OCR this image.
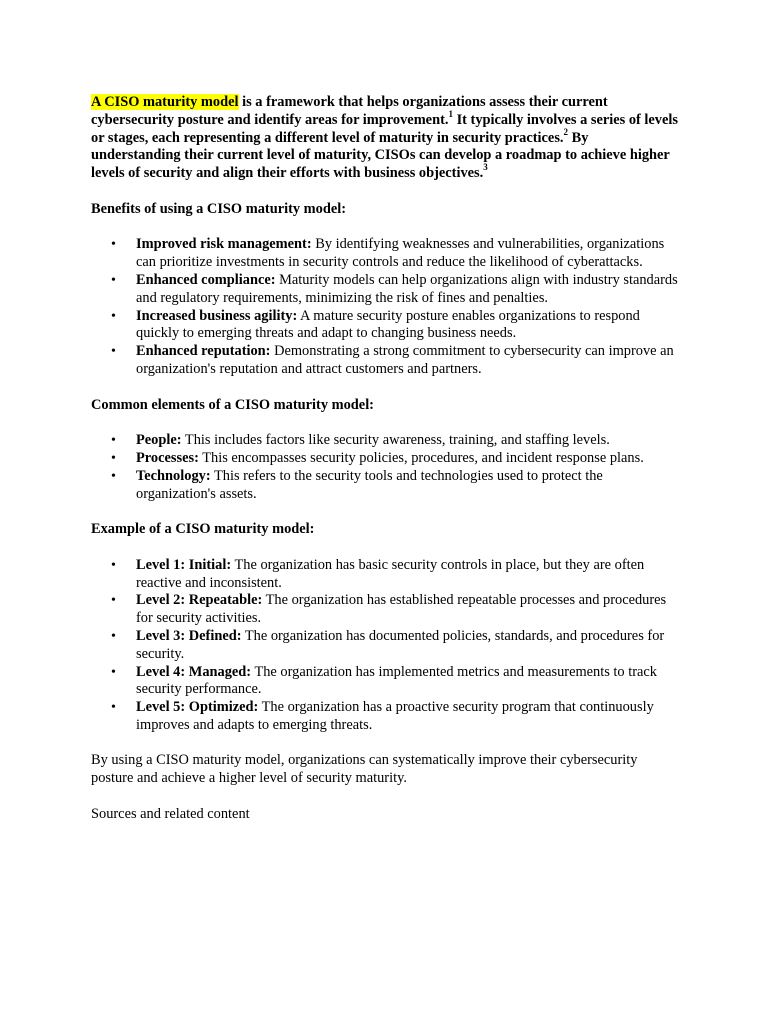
A CISO maturity model is a framework that helps organizations assess their current cybersecurity posture and identify areas for improvement.$^1$ It typically involves a series of levels or stages, each representing a different level of maturity in security practices.$^2$ By understanding their current level of maturity, CISOs can develop a roadmap to achieve higher levels of security and align their efforts with business objectives.$^3$

Benefits of using a CISO maturity model:

• Improved risk management: By identifying weaknesses and vulnerabilities, organizations can prioritize investments in security controls and reduce the likelihood of cyberattacks.
• Enhanced compliance: Maturity models can help organizations align with industry standards and regulatory requirements, minimizing the risk of fines and penalties.
• Increased business agility: A mature security posture enables organizations to respond quickly to emerging threats and adapt to changing business needs.
• Enhanced reputation: Demonstrating a strong commitment to cybersecurity can improve an organization's reputation and attract customers and partners.

Common elements of a CISO maturity model:

• People: This includes factors like security awareness, training, and staffing levels.
• Processes: This encompasses security policies, procedures, and incident response plans.
• Technology: This refers to the security tools and technologies used to protect the organization's assets.

Example of a CISO maturity model:

• Level 1: Initial: The organization has basic security controls in place, but they are often reactive and inconsistent.
• Level 2: Repeatable: The organization has established repeatable processes and procedures for security activities.
• Level 3: Defined: The organization has documented policies, standards, and procedures for security.
• Level 4: Managed: The organization has implemented metrics and measurements to track security performance.
• Level 5: Optimized: The organization has a proactive security program that continuously improves and adapts to emerging threats.

By using a CISO maturity model, organizations can systematically improve their cybersecurity posture and achieve a higher level of security maturity.

Sources and related content
